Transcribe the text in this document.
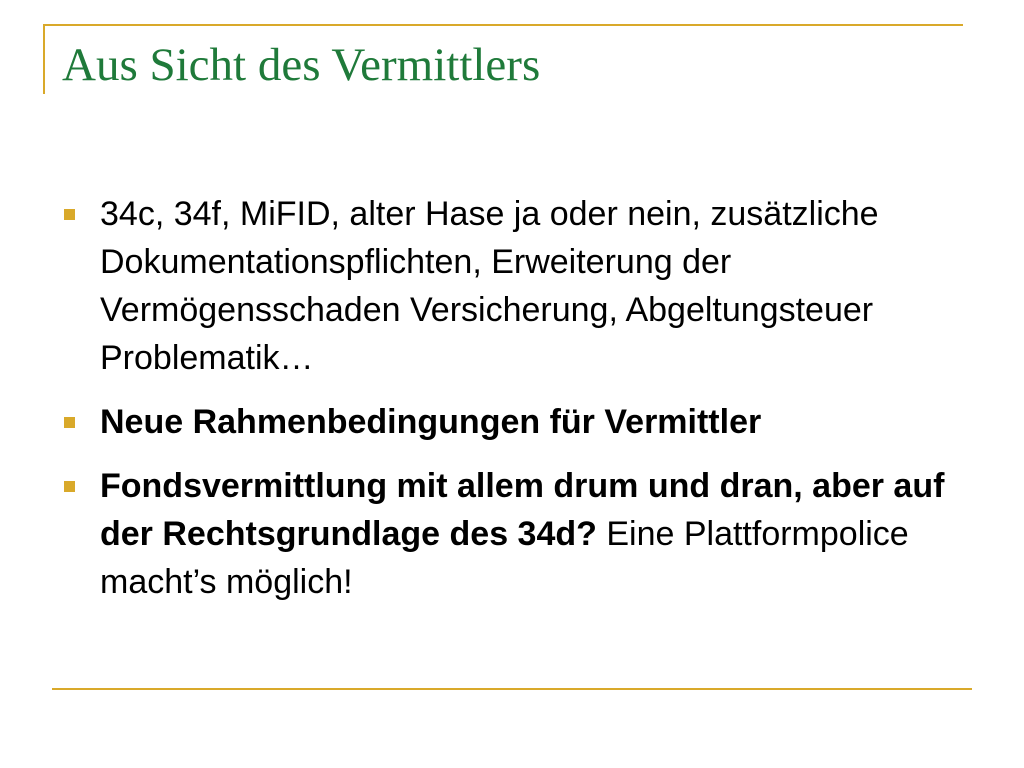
Aus Sicht des Vermittlers
34c, 34f, MiFID, alter Hase ja oder nein, zusätzliche Dokumentationspflichten, Erweiterung der Vermögensschaden Versicherung, Abgeltungsteuer Problematik…
Neue Rahmenbedingungen für Vermittler
Fondsvermittlung mit allem drum und dran, aber auf der Rechtsgrundlage des 34d? Eine Plattformpolice macht’s möglich!
